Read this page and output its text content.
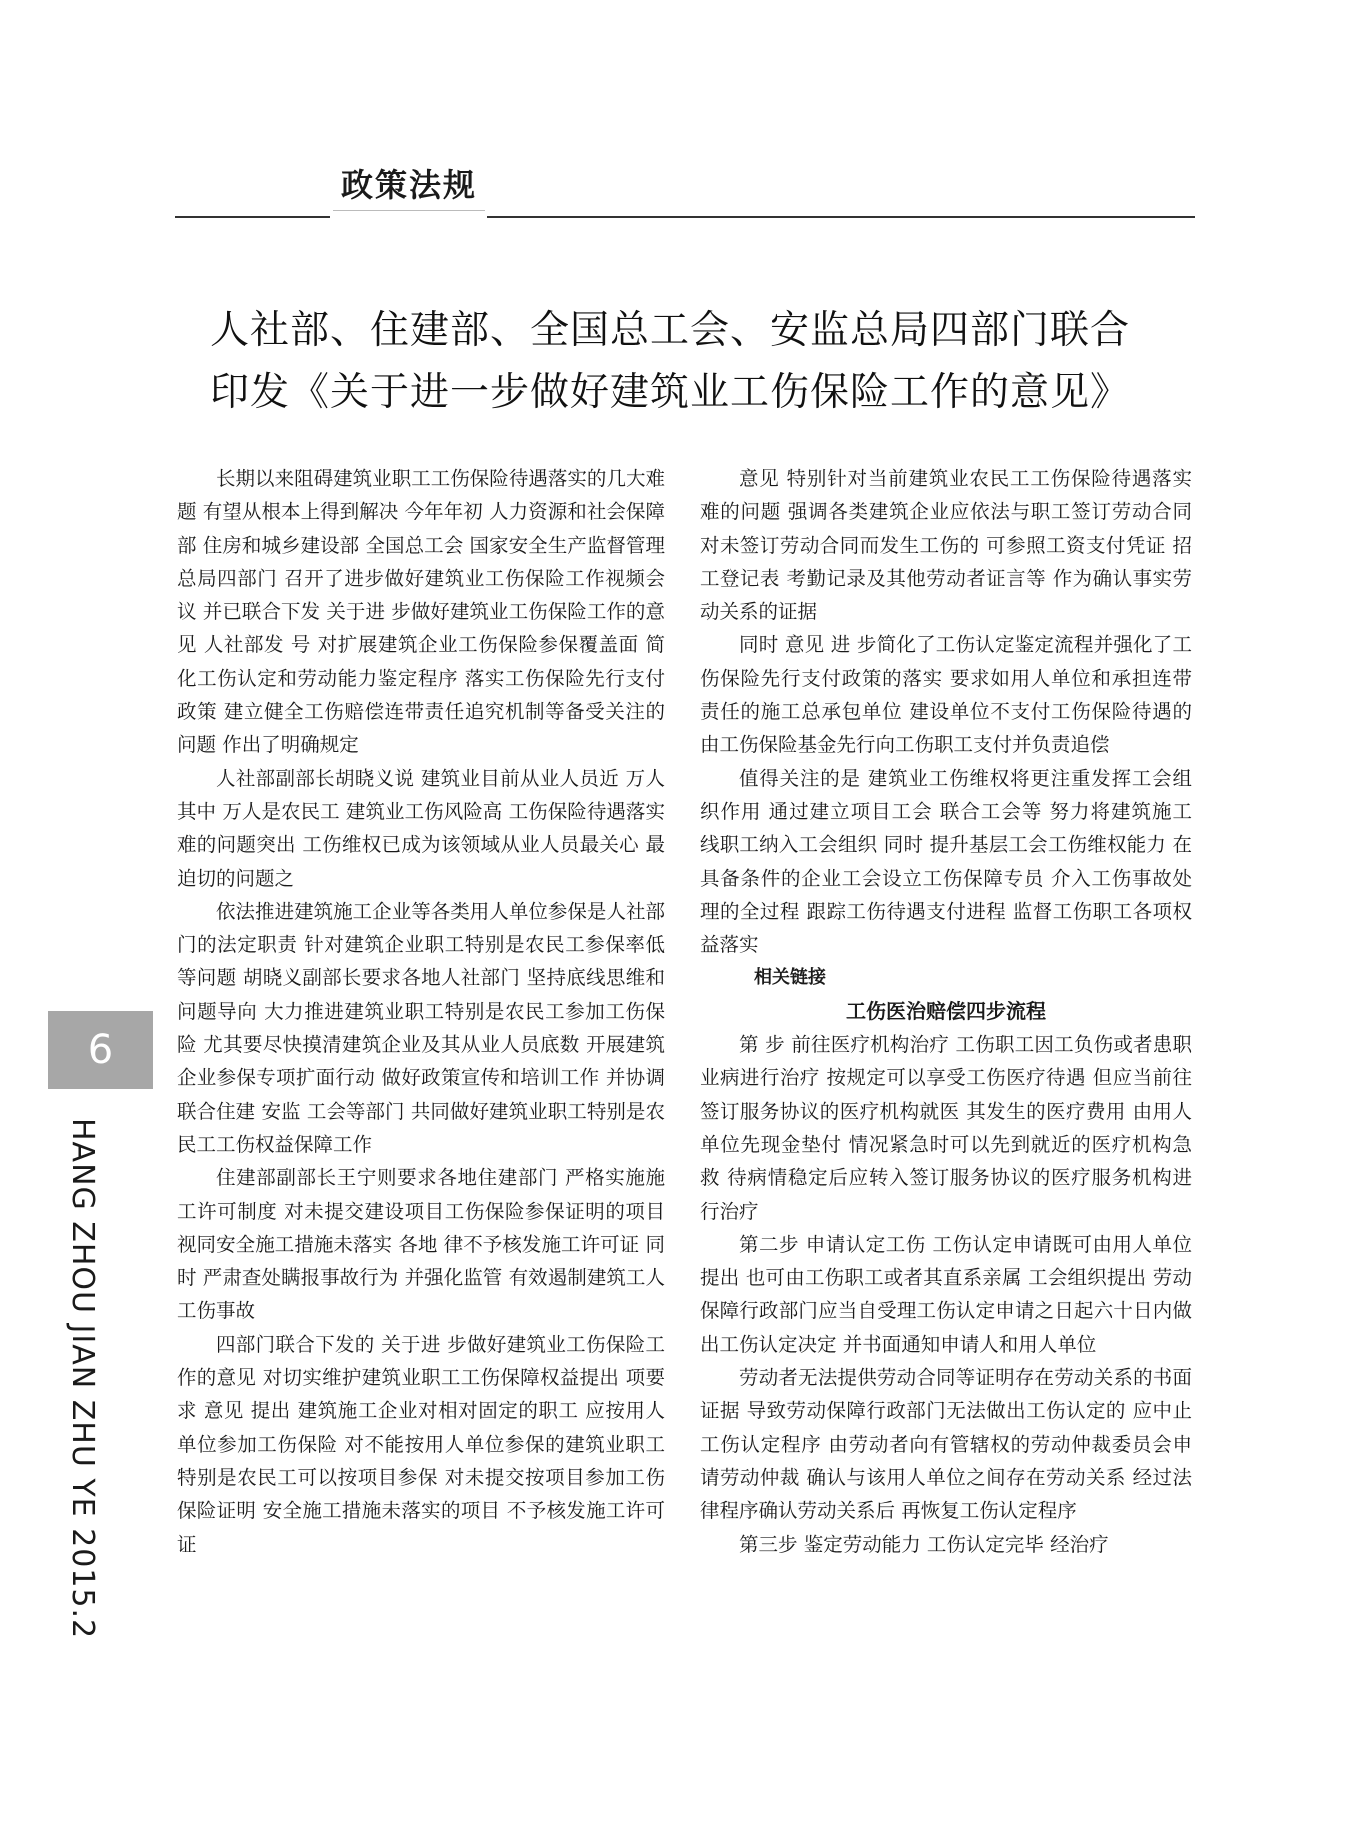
政策法规
人社部、住建部、全国总工会、安监总局四部门联合
印发《关于进一步做好建筑业工伤保险工作的意见》

长期以来阻碍建筑业职工工伤保险待遇落实的几大难题 有望从根本上得到解决 今年年初 人力资源和社会保障部 住房和城乡建设部 全国总工会 国家安全生产监督管理总局四部门 召开了进步做好建筑业工伤保险工作视频会议 并已联合下发 关于进 步做好建筑业工伤保险工作的意见 人社部发 号 对扩展建筑企业工伤保险参保覆盖面 简化工伤认定和劳动能力鉴定程序 落实工伤保险先行支付政策 建立健全工伤赔偿连带责任追究机制等备受关注的问题 作出了明确规定

人社部副部长胡晓义说 建筑业目前从业人员近 万人 其中 万人是农民工 建筑业工伤风险高 工伤保险待遇落实难的问题突出 工伤维权已成为该领域从业人员最关心 最迫切的问题之

依法推进建筑施工企业等各类用人单位参保是人社部门的法定职责 针对建筑企业职工特别是农民工参保率低等问题 胡晓义副部长要求各地人社部门 坚持底线思维和问题导向 大力推进建筑业职工特别是农民工参加工伤保险 尤其要尽快摸清建筑企业及其从业人员底数 开展建筑企业参保专项扩面行动 做好政策宣传和培训工作 并协调联合住建 安监 工会等部门 共同做好建筑业职工特别是农民工工伤权益保障工作

住建部副部长王宁则要求各地住建部门 严格实施施工许可制度 对未提交建设项目工伤保险参保证明的项目 视同安全施工措施未落实 各地 律不予核发施工许可证 同时 严肃查处瞒报事故行为 并强化监管 有效遏制建筑工人工伤事故

四部门联合下发的 关于进 步做好建筑业工伤保险工作的意见 对切实维护建筑业职工工伤保障权益提出 项要求 意见 提出 建筑施工企业对相对固定的职工 应按用人单位参加工伤保险 对不能按用人单位参保的建筑业职工特别是农民工可以按项目参保 对未提交按项目参加工伤保险证明 安全施工措施未落实的项目 不予核发施工许可证

意见 特别针对当前建筑业农民工工伤保险待遇落实难的问题 强调各类建筑企业应依法与职工签订劳动合同 对未签订劳动合同而发生工伤的 可参照工资支付凭证 招工登记表 考勤记录及其他劳动者证言等 作为确认事实劳动关系的证据

同时 意见 进 步简化了工伤认定鉴定流程并强化了工伤保险先行支付政策的落实 要求如用人单位和承担连带责任的施工总承包单位 建设单位不支付工伤保险待遇的 由工伤保险基金先行向工伤职工支付并负责追偿

值得关注的是 建筑业工伤维权将更注重发挥工会组织作用 通过建立项目工会 联合工会等 努力将建筑施工 线职工纳入工会组织 同时 提升基层工会工伤维权能力 在具备条件的企业工会设立工伤保障专员 介入工伤事故处理的全过程 跟踪工伤待遇支付进程 监督工伤职工各项权益落实

相关链接
工伤医治赔偿四步流程

第 步 前往医疗机构治疗 工伤职工因工负伤或者患职业病进行治疗 按规定可以享受工伤医疗待遇 但应当前往签订服务协议的医疗机构就医 其发生的医疗费用 由用人单位先现金垫付 情况紧急时可以先到就近的医疗机构急救 待病情稳定后应转入签订服务协议的医疗服务机构进行治疗

第二步 申请认定工伤 工伤认定申请既可由用人单位提出 也可由工伤职工或者其直系亲属 工会组织提出 劳动保障行政部门应当自受理工伤认定申请之日起六十日内做出工伤认定决定 并书面通知申请人和用人单位

劳动者无法提供劳动合同等证明存在劳动关系的书面证据 导致劳动保障行政部门无法做出工伤认定的 应中止工伤认定程序 由劳动者向有管辖权的劳动仲裁委员会申请劳动仲裁 确认与该用人单位之间存在劳动关系 经过法律程序确认劳动关系后 再恢复工伤认定程序

第三步 鉴定劳动能力 工伤认定完毕 经治疗

6
HANG ZHOU JIAN ZHU YE 2015.2
